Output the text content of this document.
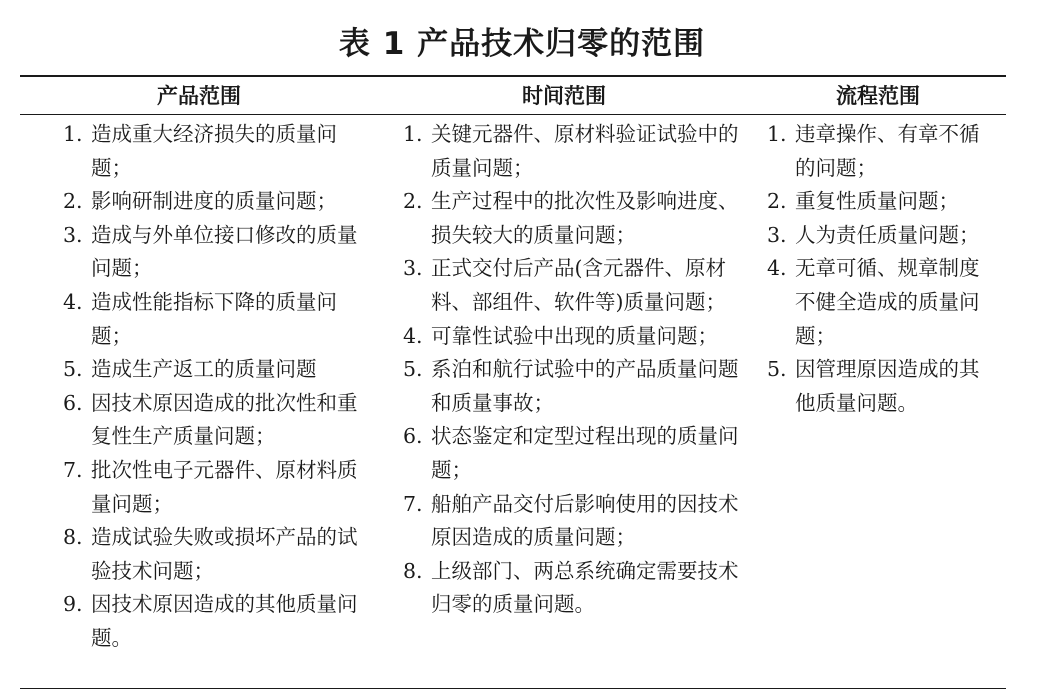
表 1 产品技术归零的范围
产品范围	时间范围	流程范围
1. 造成重大经济损失的质量问题；
2. 影响研制进度的质量问题；
3. 造成与外单位接口修改的质量问题；
4. 造成性能指标下降的质量问题；
5. 造成生产返工的质量问题
6. 因技术原因造成的批次性和重复性生产质量问题；
7. 批次性电子元器件、原材料质量问题；
8. 造成试验失败或损坏产品的试验技术问题；
9. 因技术原因造成的其他质量问题。
1. 关键元器件、原材料验证试验中的质量问题；
2. 生产过程中的批次性及影响进度、损失较大的质量问题；
3. 正式交付后产品(含元器件、原材料、部组件、软件等)质量问题；
4. 可靠性试验中出现的质量问题；
5. 系泊和航行试验中的产品质量问题和质量事故；
6. 状态鉴定和定型过程出现的质量问题；
7. 船舶产品交付后影响使用的因技术原因造成的质量问题；
8. 上级部门、两总系统确定需要技术归零的质量问题。
1. 违章操作、有章不循的问题；
2. 重复性质量问题；
3. 人为责任质量问题；
4. 无章可循、规章制度不健全造成的质量问题；
5. 因管理原因造成的其他质量问题。
